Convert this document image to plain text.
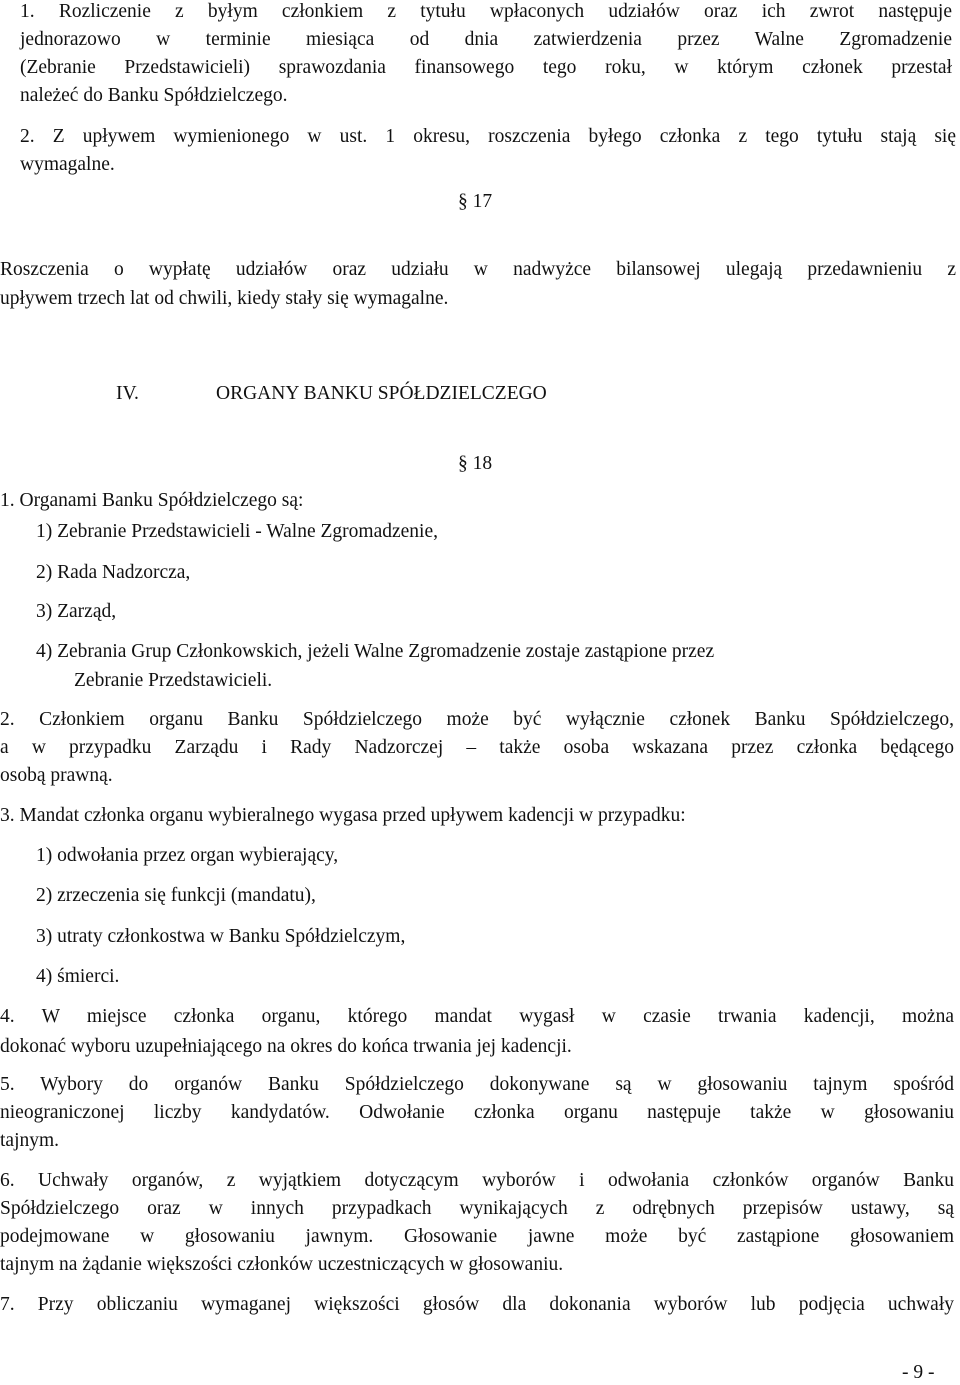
1. Rozliczenie z byłym członkiem z tytułu wpłaconych udziałów oraz ich zwrot następuje
jednorazowo w terminie miesiąca od dnia zatwierdzenia przez Walne Zgromadzenie
(Zebranie Przedstawicieli) sprawozdania finansowego tego roku, w którym członek przestał
należeć do Banku Spółdzielczego.
2. Z upływem wymienionego w ust. 1 okresu, roszczenia byłego członka z tego tytułu stają się
wymagalne.
§ 17
Roszczenia o wypłatę udziałów oraz udziału w nadwyżce bilansowej ulegają przedawnieniu z
upływem trzech lat od chwili, kiedy stały się wymagalne.
IV.	ORGANY BANKU SPÓŁDZIELCZEGO
§ 18
1. Organami Banku Spółdzielczego są:
1) Zebranie Przedstawicieli - Walne Zgromadzenie,
2) Rada Nadzorcza,
3) Zarząd,
4) Zebrania Grup Członkowskich, jeżeli Walne Zgromadzenie zostaje zastąpione przez
Zebranie Przedstawicieli.
2. Członkiem organu Banku Spółdzielczego może być wyłącznie członek Banku Spółdzielczego,
a w przypadku Zarządu i Rady Nadzorczej – także osoba wskazana przez członka będącego
osobą prawną.
3. Mandat członka organu wybieralnego wygasa przed upływem kadencji w przypadku:
1) odwołania przez organ wybierający,
2) zrzeczenia się funkcji (mandatu),
3) utraty członkostwa w Banku Spółdzielczym,
4) śmierci.
4. W miejsce członka organu, którego mandat wygasł w czasie trwania kadencji, można
dokonać wyboru uzupełniającego na okres do końca trwania jej kadencji.
5. Wybory do organów Banku Spółdzielczego dokonywane są w głosowaniu tajnym spośród
nieograniczonej liczby kandydatów. Odwołanie członka organu następuje także w głosowaniu
tajnym.
6. Uchwały organów, z wyjątkiem dotyczącym wyborów i odwołania członków organów Banku
Spółdzielczego oraz w innych przypadkach wynikających z odrębnych przepisów ustawy, są
podejmowane w głosowaniu jawnym. Głosowanie jawne może być zastąpione głosowaniem
tajnym na żądanie większości członków uczestniczących w głosowaniu.
7. Przy obliczaniu wymaganej większości głosów dla dokonania wyborów lub podjęcia uchwały
- 9 -
